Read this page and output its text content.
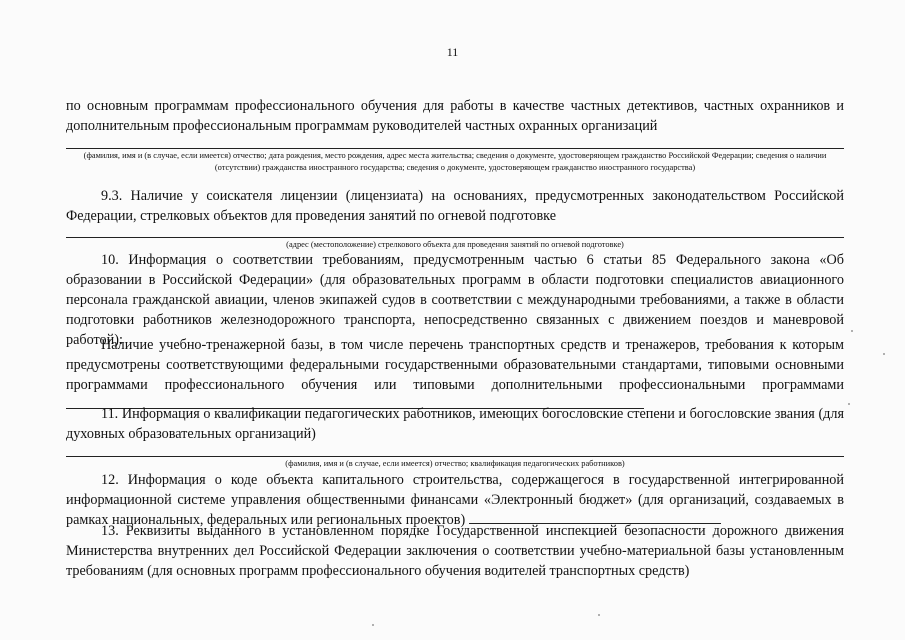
11
по основным программам профессионального обучения для работы в качестве частных детективов, частных охранников и дополнительным профессиональным программам руководителей частных охранных организаций
(фамилия, имя и (в случае, если имеется) отчество; дата рождения, место рождения, адрес места жительства; сведения о документе, удостоверяющем гражданство Российской Федерации; сведения о наличии (отсутствии) гражданства иностранного государства; сведения о документе, удостоверяющем гражданство иностранного государства)
9.3. Наличие у соискателя лицензии (лицензиата) на основаниях, предусмотренных законодательством Российской Федерации, стрелковых объектов для проведения занятий по огневой подготовке
(адрес (местоположение) стрелкового объекта для проведения занятий по огневой подготовке)
10. Информация о соответствии требованиям, предусмотренным частью 6 статьи 85 Федерального закона «Об образовании в Российской Федерации» (для образовательных программ в области подготовки специалистов авиационного персонала гражданской авиации, членов экипажей судов в соответствии с международными требованиями, а также в области подготовки работников железнодорожного транспорта, непосредственно связанных с движением поездов и маневровой работой):
Наличие учебно-тренажерной базы, в том числе перечень транспортных средств и тренажеров, требования к которым предусмотрены соответствующими федеральными государственными образовательными стандартами, типовыми основными программами профессионального обучения или типовыми дополнительными профессиональными программами
11. Информация о квалификации педагогических работников, имеющих богословские степени и богословские звания (для духовных образовательных организаций)
(фамилия, имя и (в случае, если имеется) отчество; квалификация педагогических работников)
12. Информация о коде объекта капитального строительства, содержащегося в государственной интегрированной информационной системе управления общественными финансами «Электронный бюджет» (для организаций, создаваемых в рамках национальных, федеральных или региональных проектов)
13. Реквизиты выданного в установленном порядке Государственной инспекцией безопасности дорожного движения Министерства внутренних дел Российской Федерации заключения о соответствии учебно-материальной базы установленным требованиям (для основных программ профессионального обучения водителей транспортных средств)
